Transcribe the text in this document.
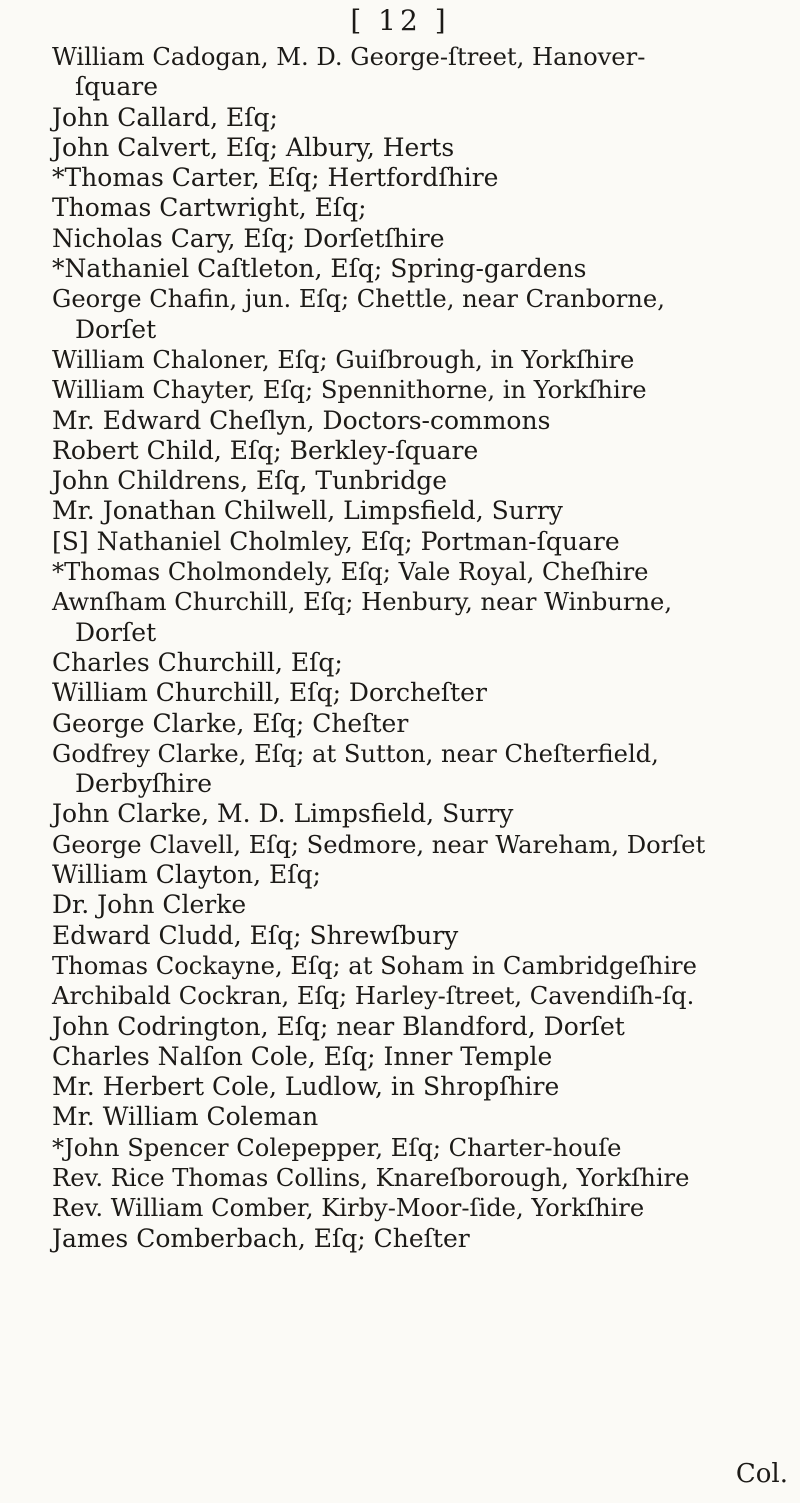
[ 12 ]
William Cadogan, M. D. George-ſtreet, Hanover-
ſquare
John Callard, Eſq;
John Calvert, Eſq; Albury, Herts
*Thomas Carter, Eſq; Hertfordſhire
Thomas Cartwright, Eſq;
Nicholas Cary, Eſq; Dorſetſhire
*Nathaniel Caſtleton, Eſq; Spring-gardens
George Chafin, jun. Eſq; Chettle, near Cranborne,
Dorſet
William Chaloner, Eſq; Guiſbrough, in Yorkſhire
William Chayter, Eſq; Spennithorne, in Yorkſhire
Mr. Edward Cheſlyn, Doctors-commons
Robert Child, Eſq; Berkley-ſquare
John Childrens, Eſq, Tunbridge
Mr. Jonathan Chilwell, Limpsfield, Surry
[S] Nathaniel Cholmley, Eſq; Portman-ſquare
*Thomas Cholmondely, Eſq; Vale Royal, Cheſhire
Awnſham Churchill, Eſq; Henbury, near Winburne,
Dorſet
Charles Churchill, Eſq;
William Churchill, Eſq; Dorcheſter
George Clarke, Eſq; Cheſter
Godfrey Clarke, Eſq; at Sutton, near Cheſterfield,
Derbyſhire
John Clarke, M. D. Limpsfield, Surry
George Clavell, Eſq; Sedmore, near Wareham, Dorſet
William Clayton, Eſq;
Dr. John Clerke
Edward Cludd, Eſq; Shrewſbury
Thomas Cockayne, Eſq; at Soham in Cambridgeſhire
Archibald Cockran, Eſq; Harley-ſtreet, Cavendiſh-ſq.
John Codrington, Eſq; near Blandford, Dorſet
Charles Nalſon Cole, Eſq; Inner Temple
Mr. Herbert Cole, Ludlow, in Shropſhire
Mr. William Coleman
*John Spencer Colepepper, Eſq; Charter-houſe
Rev. Rice Thomas Collins, Knareſborough, Yorkſhire
Rev. William Comber, Kirby-Moor-ſide, Yorkſhire
James Comberbach, Eſq; Cheſter
Col.
